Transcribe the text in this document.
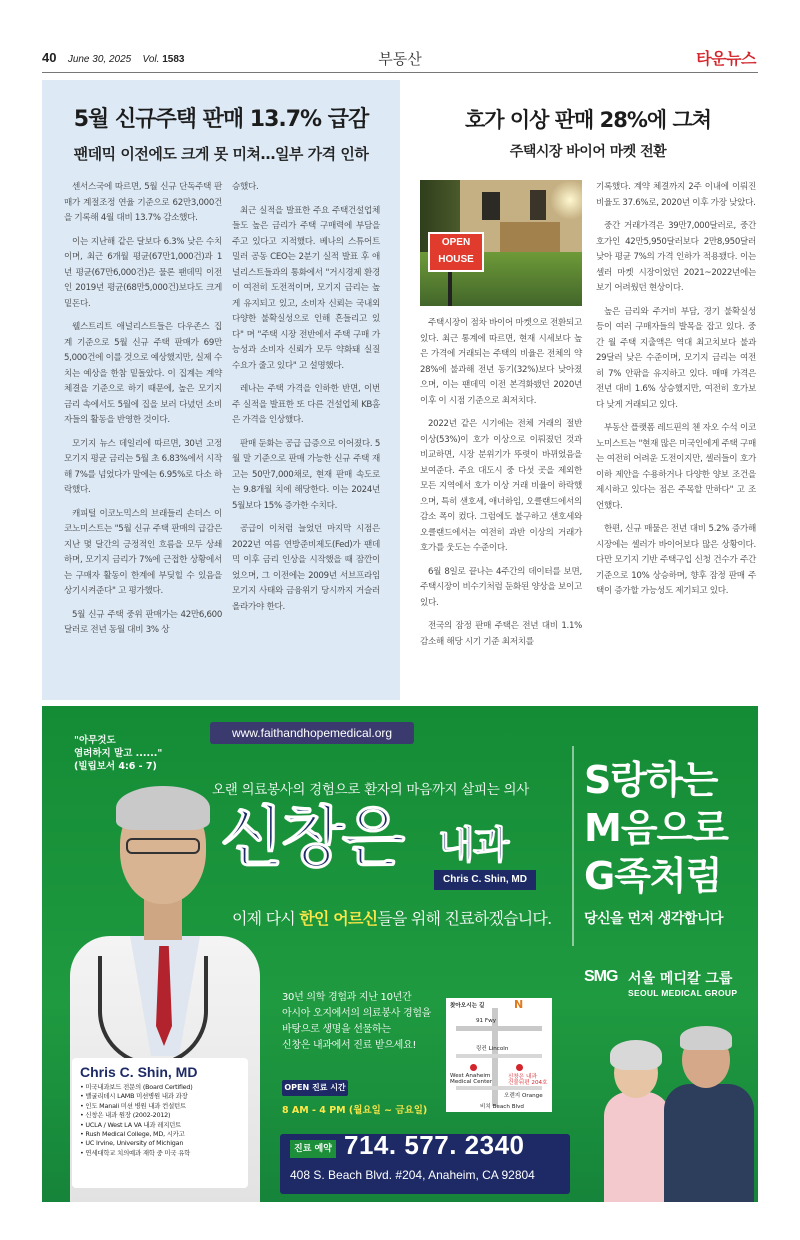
40 June 30, 2025 Vol. 1583	부동산	타운뉴스
5월 신규주택 판매 13.7% 급감
팬데믹 이전에도 크게 못 미쳐…일부 가격 인하

센서스국에 따르면, 5월 신규 단독주택 판매가 계절조정 연율 기준으로 62만3,000건을 기록해 4월 대비 13.7% 감소했다.

이는 지난해 같은 달보다 6.3% 낮은 수치이며, 최근 6개월 평균(67만1,000건)과 1년 평균(67만6,000건)은 물론 팬데믹 이전인 2019년 평균(68만5,000건)보다도 크게 밑돈다.

웰스트리트 애널리스트들은 다우존스 집계 기준으로 5월 신규 주택 판매가 69만5,000건에 이를 것으로 예상했지만, 실제 수치는 예상을 한참 밑돌았다. 이 집계는 계약 체결을 기준으로 하기 때문에, 높은 모기지 금리 속에서도 5월에 집을 보러 다녔던 소비자들의 활동을 반영한 것이다.

모기지 뉴스 데일리에 따르면, 30년 고정 모기지 평균 금리는 5월 초 6.83%에서 시작해 7%를 넘었다가 말에는 6.95%로 다소 하락했다.

캐피털 이코노믹스의 브래들리 손더스 이코노미스트는 "5월 신규 주택 판매의 급감은 지난 몇 달간의 긍정적인 흐름을 모두 상쇄하며, 모기지 금리가 7%에 근접한 상황에서는 구매자 활동이 한계에 부딪힐 수 있음을 상기시켜준다" 고 평가했다.

5월 신규 주택 중위 판매가는 42만6,600달러로 전년 동월 대비 3% 상

승했다.

최근 실적을 발표한 주요 주택건설업체들도 높은 금리가 주택 구매력에 부담을 주고 있다고 지적했다. 베나의 스튜어트 밀러 공동 CEO는 2분기 실적 발표 후 애널리스트들과의 통화에서 "거시경제 환경이 여전히 도전적이며, 모기지 금리는 높게 유지되고 있고, 소비자 신뢰는 국내외 다양한 불확실성으로 인해 흔들리고 있다" 며 "주택 시장 전반에서 주택 구매 가능성과 소비자 신뢰가 모두 약화돼 실질 수요가 줄고 있다" 고 설명했다.

레나는 주택 가격을 인하한 반면, 이번 주 실적을 발표한 또 다른 건설업체 KB홈은 가격을 인상했다.

판매 둔화는 공급 급증으로 이어졌다. 5월 말 기준으로 판매 가능한 신규 주택 재고는 50만7,000채로, 현재 판매 속도로는 9.8개월 치에 해당한다. 이는 2024년 5월보다 15% 증가한 수치다.

공급이 이처럼 늘었던 마지막 시점은 2022년 여름 연방준비제도(Fed)가 팬데믹 이후 금리 인상을 시작했을 때 잠깐이었으며, 그 이전에는 2009년 서브프라임 모기지 사태와 금융위기 당시까지 거슬러 올라가야 한다.

호가 이상 판매 28%에 그쳐
주택시장 바이어 마켓 전환
OPEN
HOUSE

주택시장이 점차 바이어 마켓으로 전환되고 있다. 최근 통계에 따르면, 현재 시세보다 높은 가격에 거래되는 주택의 비율은 전체의 약 28%에 불과해 전년 동기(32%)보다 낮아졌으며, 이는 팬데믹 이전 본격화됐던 2020년 이후 이 시점 기준으로 최저치다.

2022년 같은 시기에는 전체 거래의 절반 이상(53%)이 호가 이상으로 이뤄졌던 것과 비교하면, 시장 분위기가 뚜렷이 바뀌었음을 보여준다. 주요 대도시 중 다섯 곳을 제외한 모든 지역에서 호가 이상 거래 비율이 하락했으며, 특히 샌호세, 애너하임, 오클랜드에서의 감소 폭이 컸다. 그럼에도 불구하고 샌호세와 오클랜드에서는 여전히 과반 이상의 거래가 호가를 웃도는 수준이다.

6월 8일로 끝나는 4주간의 데이터를 보면, 주택시장이 비수기처럼 둔화된 양상을 보이고 있다.

전국의 잠정 판매 주택은 전년 대비 1.1% 감소해 해당 시기 기준 최저치를

기록했다. 계약 체결까지 2주 이내에 이뤄진 비율도 37.6%로, 2020년 이후 가장 낮았다.

중간 거래가격은 39만7,000달러로, 중간 호가인 42만5,950달러보다 2만8,950달러 낮아 평균 7%의 가격 인하가 적용됐다. 이는 셀러 마켓 시장이었던 2021~2022년에는 보기 어려웠던 현상이다.

높은 금리와 주거비 부담, 경기 불확실성 등이 여러 구매자들의 발목을 잡고 있다. 중간 월 주택 지출액은 역대 최고치보다 불과 29달러 낮은 수준이며, 모기지 금리는 여전히 7% 안팎을 유지하고 있다. 매매 가격은 전년 대비 1.6% 상승했지만, 여전히 호가보다 낮게 거래되고 있다.

부동산 플랫폼 레드핀의 첸 자오 수석 이코노미스트는 "현재 많은 미국인에게 주택 구매는 여전히 어려운 도전이지만, 셀러들이 호가 이하 제안을 수용하거나 다양한 양보 조건을 제시하고 있다는 점은 주목할 만하다" 고 조언했다.

한편, 신규 매물은 전년 대비 5.2% 증가해 시장에는 셀러가 바이어보다 많은 상황이다. 다만 모기지 기반 주택구입 신청 건수가 주간 기준으로 10% 상승하며, 향후 잠정 판매 주택이 증가할 가능성도 제기되고 있다.

"아무것도
염려하지 말고 ......"
(빌립보서 4:6 - 7)
www.faithandhopemedical.org
오랜 의료봉사의 경험으로 환자의 마음까지 살피는 의사
신창은 내과
Chris C. Shin, MD
이제 다시 한인 어르신들을 위해 진료하겠습니다.
S랑하는
M음으로
G족처럼
당신을 먼저 생각합니다
SMG 서울 메디칼 그룹
SEOUL MEDICAL GROUP
Chris C. Shin, MD
• 미국내과보드 전문의 (Board Certified)
• 밸굴리데시 LAMB 미션병원 내과 과장
• 인도 Manali 미션 병원 내과 컨설턴트
• 신창은 내과 원장 (2002-2012)
• UCLA / West LA VA 내과 레지던트
• Rush Medical College, MD, 시카고
• UC Irvine, University of Michigan
• 연세대학교 치의예과 재학 중 미국 유학
30년 의학 경험과 지난 10년간
아시아 오지에서의 의료봉사 경험을
바탕으로 생명을 선물하는
신창은 내과에서 진료 받으세요!
OPEN 진료 시간
8 AM - 4 PM (월요일 ~ 금요일)
찾아오시는 길	N
91 Fwy
링컨 Lincoln
West Anaheim
Medical Center
신창은 내과
건물뒤편 204호
오렌지 Orange
비치 Beach Blvd
진료 예약 714. 577. 2340
408 S. Beach Blvd. #204, Anaheim, CA 92804
